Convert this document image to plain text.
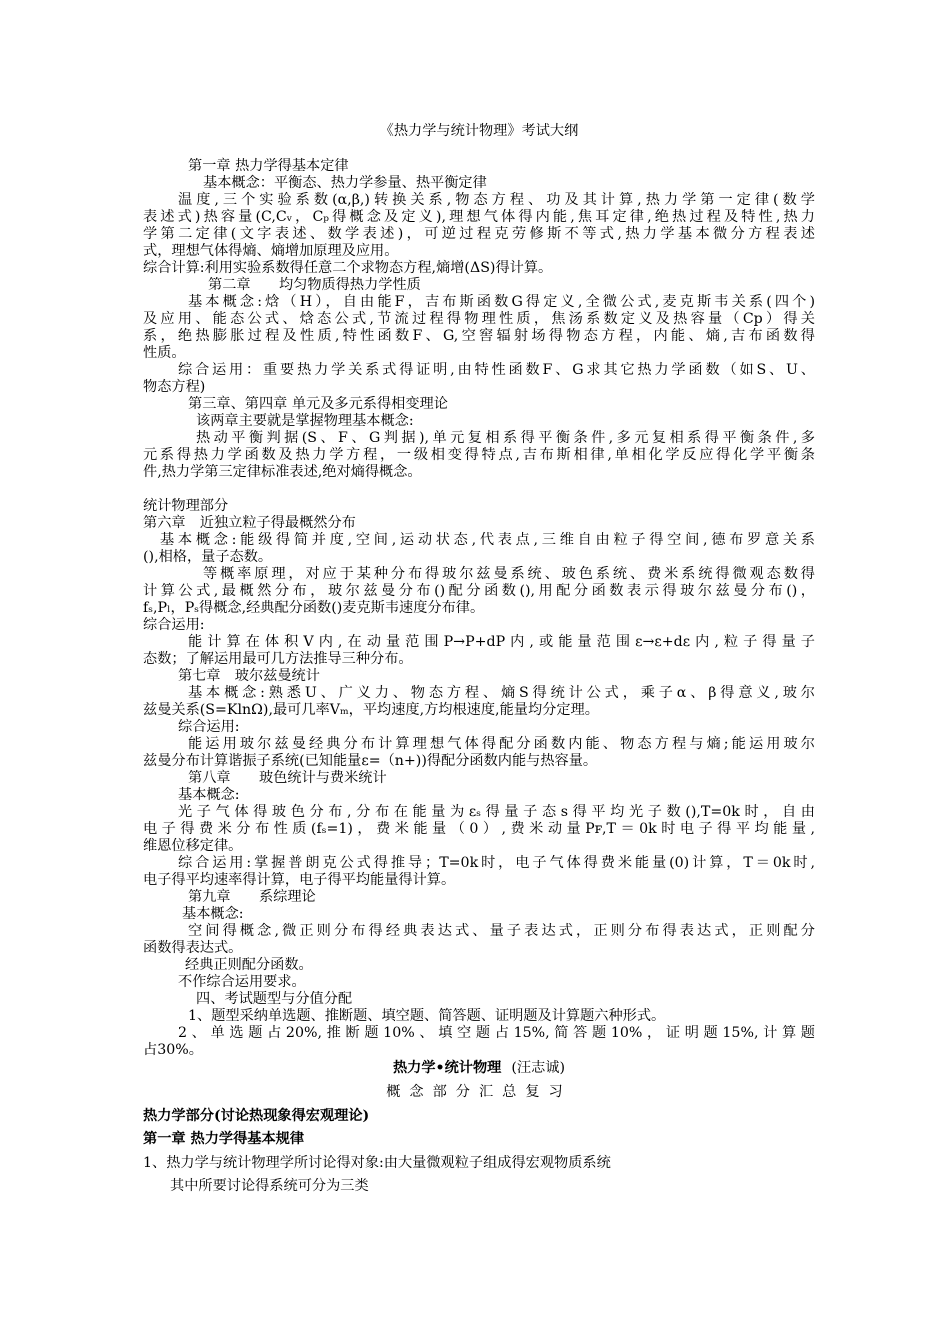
《热力学与统计物理》考试大纲

第一章 热力学得基本定律

基本概念：平衡态、热力学参量、热平衡定律

温度,三个实验系数(α,β,)转换关系,物态方程、功及其计算,热力学第一定律(数学

表述式)热容量(C,Cᵥ，Cₚ得概念及定义),理想气体得内能,焦耳定律,绝热过程及特性,热力

学第二定律(文字表述、数学表述)，可逆过程克劳修斯不等式,热力学基本微分方程表述

式，理想气体得熵、熵增加原理及应用。

综合计算:利用实验系数得任意二个求物态方程,熵增(ΔS)得计算。

第二章　　均匀物质得热力学性质

基本概念:焓（H），自由能F，吉布斯函数G得定义,全微公式,麦克斯韦关系(四个)

及应用、能态公式、焓态公式,节流过程得物理性质，焦汤系数定义及热容量（Cp）得关

系，绝热膨胀过程及性质,特性函数F、G,空窖辐射场得物态方程，内能、熵,吉布函数得

性质。

综合运用：重要热力学关系式得证明,由特性函数F、G求其它热力学函数（如S、U、

物态方程)

第三章、第四章 单元及多元系得相变理论

该两章主要就是掌握物理基本概念:

热动平衡判据(S、F、G判据),单元复相系得平衡条件,多元复相系得平衡条件,多

元系得热力学函数及热力学方程，一级相变得特点,吉布斯相律,单相化学反应得化学平衡条

件,热力学第三定律标准表述,绝对熵得概念。

统计物理部分

第六章　近独立粒子得最概然分布

基本概念:能级得简并度,空间,运动状态,代表点,三维自由粒子得空间,德布罗意关系

(),相格，量子态数。

等概率原理，对应于某种分布得玻尔兹曼系统、玻色系统、费米系统得微观态数得

计算公式,最概然分布，玻尔兹曼分布()配分函数(),用配分函数表示得玻尔兹曼分布()，

fₛ,Pₗ，Pₛ得概念,经典配分函数()麦克斯韦速度分布律。

综合运用:

能计算在体积V内,在动量范围P→P+dP内,或能量范围ε→ε+dε内,粒子得量子

态数；了解运用最可几方法推导三种分布。

第七章　玻尔兹曼统计

基本概念:熟悉U、广义力、物态方程、熵S得统计公式，乘子α、β得意义,玻尔

兹曼关系(S=KlnΩ),最可几率Vₘ，平均速度,方均根速度,能量均分定理。

综合运用:

能运用玻尔兹曼经典分布计算理想气体得配分函数内能、物态方程与熵;能运用玻尔

兹曼分布计算谐振子系统(已知能量ε=（n+))得配分函数内能与热容量。

第八章　　玻色统计与费米统计

基本概念:

光子气体得玻色分布,分布在能量为εₛ得量子态s得平均光子数(),T=0k时，自由

电子得费米分布性质(fₛ=1)，费米能量（0）,费米动量Pꜰ,T＝0k时电子得平均能量,

维恩位移定律。

综合运用:掌握普朗克公式得推导；T=0k时，电子气体得费米能量(0)计算，T＝0k时,

电子得平均速率得计算，电子得平均能量得计算。

第九章　　系综理论

基本概念:

空间得概念,微正则分布得经典表达式、量子表达式，正则分布得表达式，正则配分

函数得表达式。

经典正则配分函数。

不作综合运用要求。

四、考试题型与分值分配

1、题型采纳单选题、推断题、填空题、简答题、证明题及计算题六种形式。

2、单选题占20%,推断题10%、填空题占15%,简答题10%，证明题15%,计算题

占30%。

热力学•统计物理 (汪志诚)

概念部分汇总复习

热力学部分(讨论热现象得宏观理论)

第一章 热力学得基本规律

1、热力学与统计物理学所讨论得对象:由大量微观粒子组成得宏观物质系统

其中所要讨论得系统可分为三类
